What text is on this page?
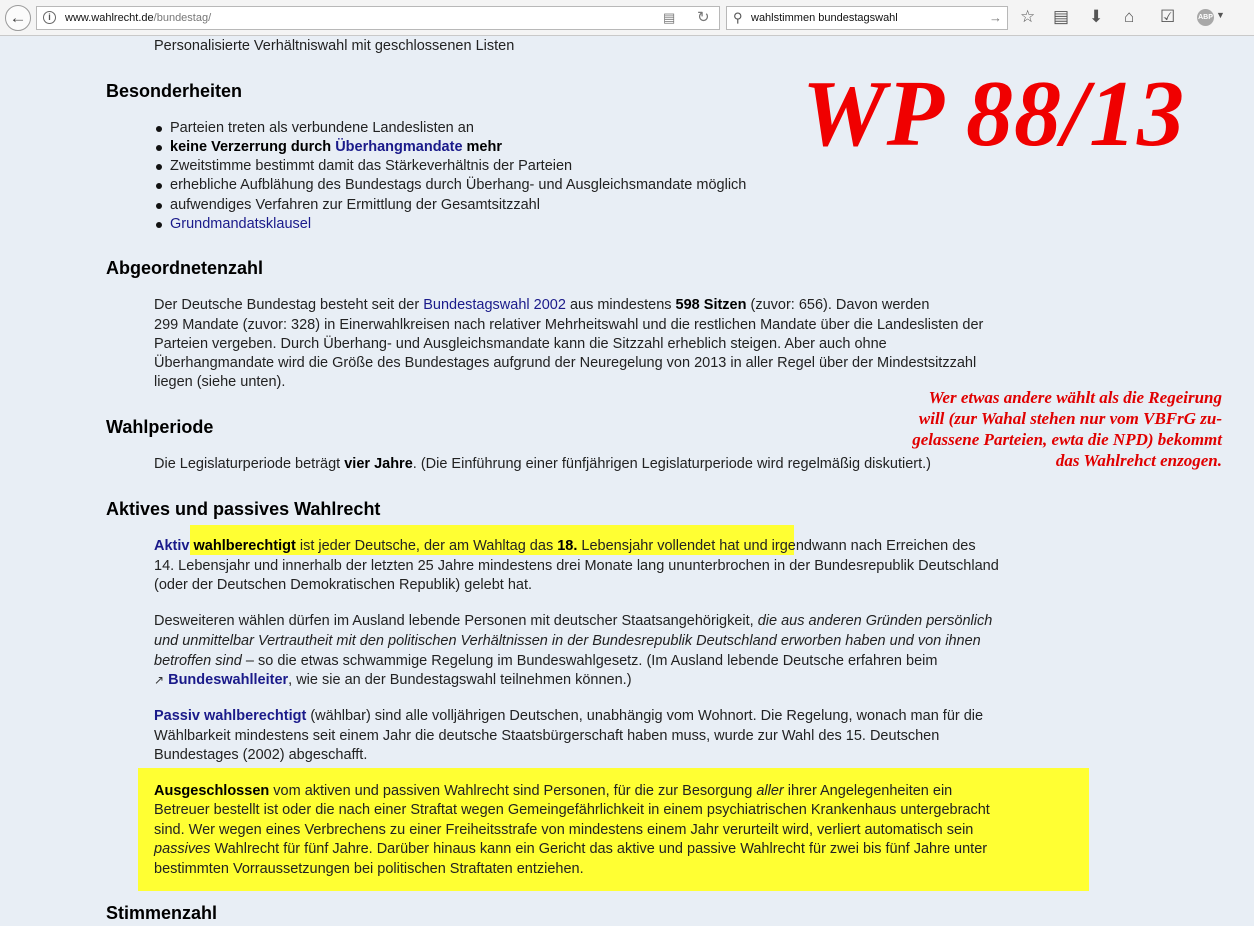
←	i	www.wahlrecht.de/bundestag/	▤ ↻ ⚲ wahlstimmen bundestagswahl	→ ☆ ▤ ⬇ ⌂ ☑	ABP ▼
Personalisierte Verhältniswahl mit geschlossenen Listen
Besonderheiten
Parteien treten als verbundene Landeslisten an
keine Verzerrung durch Überhangmandate mehr
Zweitstimme bestimmt damit das Stärkeverhältnis der Parteien
erhebliche Aufblähung des Bundestags durch Überhang- und Ausgleichsmandate möglich
aufwendiges Verfahren zur Ermittlung der Gesamtsitzzahl
Grundmandatsklausel
Abgeordnetenzahl
Der Deutsche Bundestag besteht seit der Bundestagswahl 2002 aus mindestens 598 Sitzen (zuvor: 656). Davon werden
299 Mandate (zuvor: 328) in Einerwahlkreisen nach relativer Mehrheitswahl und die restlichen Mandate über die Landeslisten der
Parteien vergeben. Durch Überhang- und Ausgleichsmandate kann die Sitzzahl erheblich steigen. Aber auch ohne
Überhangmandate wird die Größe des Bundestages aufgrund der Neuregelung von 2013 in aller Regel über der Mindestsitzzahl
liegen (siehe unten).
Wahlperiode
Die Legislaturperiode beträgt vier Jahre. (Die Einführung einer fünfjährigen Legislaturperiode wird regelmäßig diskutiert.)
Aktives und passives Wahlrecht
Aktiv wahlberechtigt ist jeder Deutsche, der am Wahltag das 18. Lebensjahr vollendet hat und irgendwann nach Erreichen des
14. Lebensjahr und innerhalb der letzten 25 Jahre mindestens drei Monate lang ununterbrochen in der Bundesrepublik Deutschland
(oder der Deutschen Demokratischen Republik) gelebt hat.
Desweiteren wählen dürfen im Ausland lebende Personen mit deutscher Staatsangehörigkeit, die aus anderen Gründen persönlich
und unmittelbar Vertrautheit mit den politischen Verhältnissen in der Bundesrepublik Deutschland erworben haben und von ihnen
betroffen sind – so die etwas schwammige Regelung im Bundeswahlgesetz. (Im Ausland lebende Deutsche erfahren beim
↗ Bundeswahlleiter, wie sie an der Bundestagswahl teilnehmen können.)
Passiv wahlberechtigt (wählbar) sind alle volljährigen Deutschen, unabhängig vom Wohnort. Die Regelung, wonach man für die
Wählbarkeit mindestens seit einem Jahr die deutsche Staatsbürgerschaft haben muss, wurde zur Wahl des 15. Deutschen
Bundestages (2002) abgeschafft.
Ausgeschlossen vom aktiven und passiven Wahlrecht sind Personen, für die zur Besorgung aller ihrer Angelegenheiten ein
Betreuer bestellt ist oder die nach einer Straftat wegen Gemeingefährlichkeit in einem psychiatrischen Krankenhaus untergebracht
sind. Wer wegen eines Verbrechens zu einer Freiheitsstrafe von mindestens einem Jahr verurteilt wird, verliert automatisch sein
passives Wahlrecht für fünf Jahre. Darüber hinaus kann ein Gericht das aktive und passive Wahlrecht für zwei bis fünf Jahre unter
bestimmten Vorraussetzungen bei politischen Straftaten entziehen.
Stimmenzahl
WP 88/13
Wer etwas andere wählt als die Regeirung
will (zur Wahal stehen nur vom VBFrG zu-
gelassene Parteien, ewta die NPD) bekommt
das Wahlrehct enzogen.
